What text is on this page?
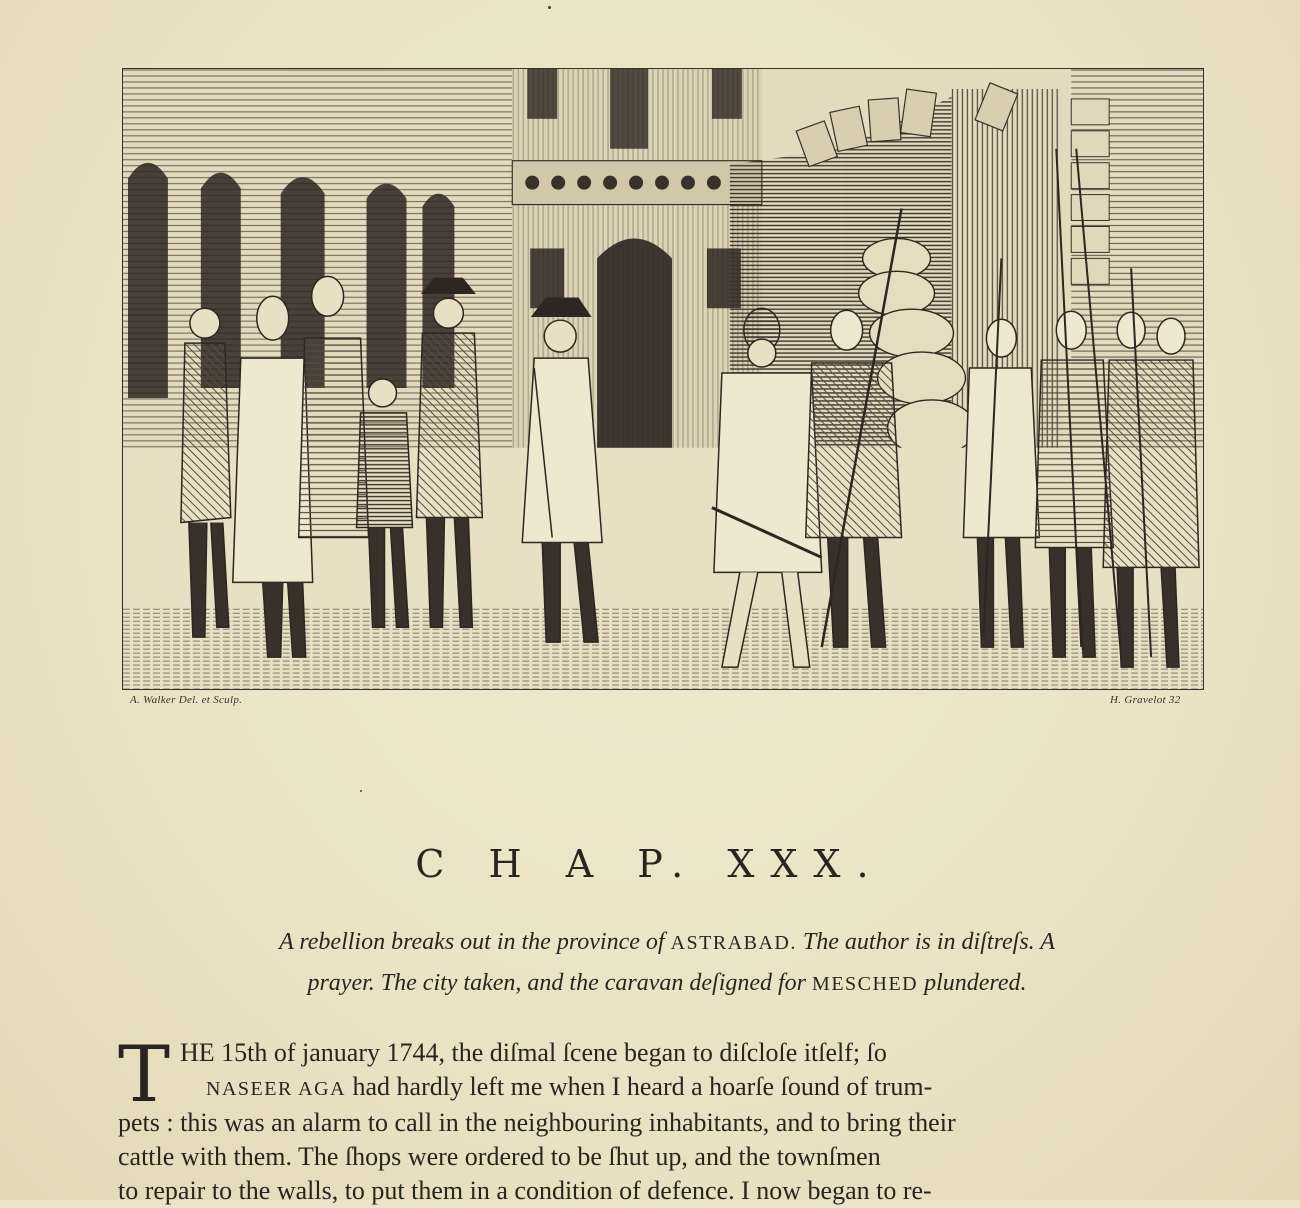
A. Walker Del. et Sculp.	H. Gravelot 32
C H A P. XXX.
A rebellion breaks out in the province of ASTRABAD. The author is in diſtreſs. A
prayer. The city taken, and the caravan deſigned for MESCHED plundered.
T HE 15th of january 1744, the diſmal ſcene began to diſcloſe itſelf; ſo
NASEER AGA had hardly left me when I heard a hoarſe ſound of trum-
pets : this was an alarm to call in the neighbouring inhabitants, and to bring their
cattle with them. The ſhops were ordered to be ſhut up, and the townſmen
to repair to the walls, to put them in a condition of defence. I now began to re-
